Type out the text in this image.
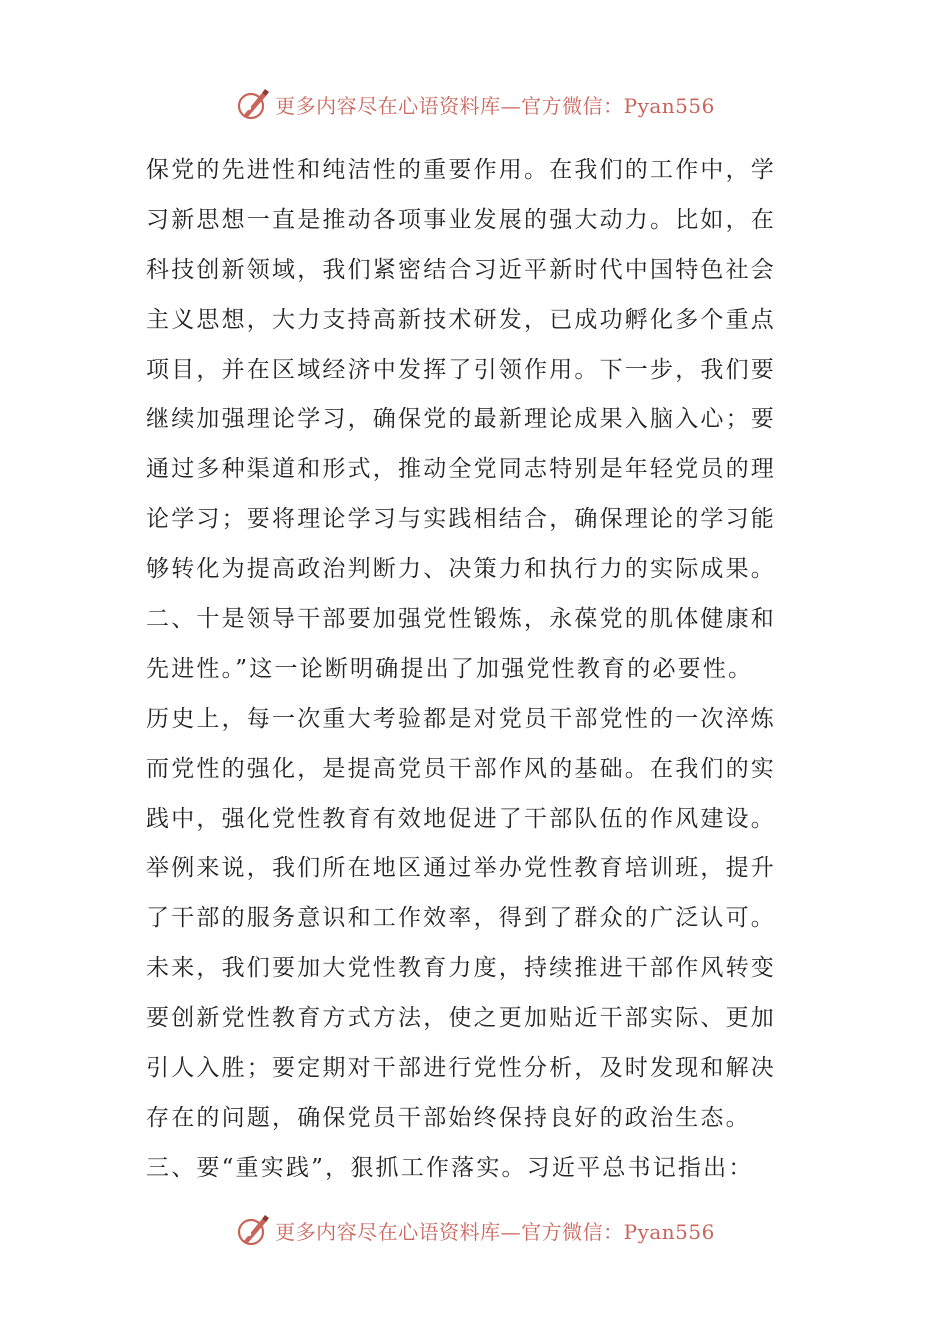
更多内容尽在心语资料库—官方微信：Pyan556
保党的先进性和纯洁性的重要作用。在我们的工作中，学
习新思想一直是推动各项事业发展的强大动力。比如，在
科技创新领域，我们紧密结合习近平新时代中国特色社会
主义思想，大力支持高新技术研发，已成功孵化多个重点
项目，并在区域经济中发挥了引领作用。下一步，我们要
继续加强理论学习，确保党的最新理论成果入脑入心；要
通过多种渠道和形式，推动全党同志特别是年轻党员的理
论学习；要将理论学习与实践相结合，确保理论的学习能
够转化为提高政治判断力、决策力和执行力的实际成果。
二、十是领导干部要加强党性锻炼，永葆党的肌体健康和
先进性。”这一论断明确提出了加强党性教育的必要性。
历史上，每一次重大考验都是对党员干部党性的一次淬炼
而党性的强化，是提高党员干部作风的基础。在我们的实
践中，强化党性教育有效地促进了干部队伍的作风建设。
举例来说，我们所在地区通过举办党性教育培训班，提升
了干部的服务意识和工作效率，得到了群众的广泛认可。
未来，我们要加大党性教育力度，持续推进干部作风转变
要创新党性教育方式方法，使之更加贴近干部实际、更加
引人入胜；要定期对干部进行党性分析，及时发现和解决
存在的问题，确保党员干部始终保持良好的政治生态。
三、要“重实践”，狠抓工作落实。习近平总书记指出：
更多内容尽在心语资料库—官方微信：Pyan556
